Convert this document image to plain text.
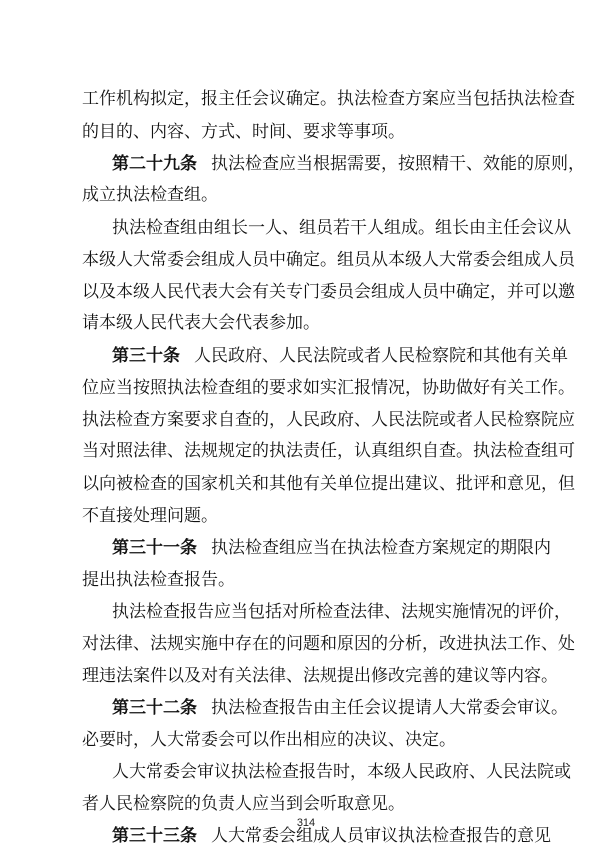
工作机构拟定，报主任会议确定。执法检查方案应当包括执法检查
的目的、内容、方式、时间、要求等事项。
第二十九条 执法检查应当根据需要，按照精干、效能的原则，
成立执法检查组。
执法检查组由组长一人、组员若干人组成。组长由主任会议从
本级人大常委会组成人员中确定。组员从本级人大常委会组成人员
以及本级人民代表大会有关专门委员会组成人员中确定，并可以邀
请本级人民代表大会代表参加。
第三十条 人民政府、人民法院或者人民检察院和其他有关单
位应当按照执法检查组的要求如实汇报情况，协助做好有关工作。
执法检查方案要求自查的，人民政府、人民法院或者人民检察院应
当对照法律、法规规定的执法责任，认真组织自查。执法检查组可
以向被检查的国家机关和其他有关单位提出建议、批评和意见，但
不直接处理问题。
第三十一条 执法检查组应当在执法检查方案规定的期限内
提出执法检查报告。
执法检查报告应当包括对所检查法律、法规实施情况的评价，
对法律、法规实施中存在的问题和原因的分析，改进执法工作、处
理违法案件以及对有关法律、法规提出修改完善的建议等内容。
第三十二条 执法检查报告由主任会议提请人大常委会审议。
必要时，人大常委会可以作出相应的决议、决定。
人大常委会审议执法检查报告时，本级人民政府、人民法院或
者人民检察院的负责人应当到会听取意见。
第三十三条 人大常委会组成人员审议执法检查报告的意见
314
